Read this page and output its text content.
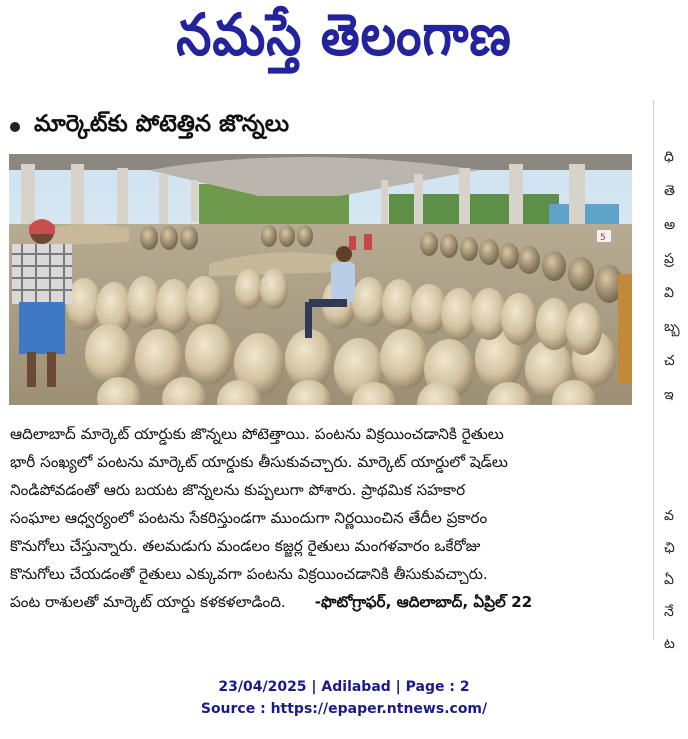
నమస్తే తెలంగాణ
మార్కెట్‌కు పోటెత్తిన జొన్నలు
5
ఆదిలాబాద్ మార్కెట్ యార్డుకు జొన్నలు పోటెత్తాయి. పంటను విక్రయించడానికి రైతులు
భారీ సంఖ్యలో పంటను మార్కెట్ యార్డుకు తీసుకువచ్చారు. మార్కెట్ యార్డులో షెడ్‌లు
నిండిపోవడంతో ఆరు బయట జొన్నలను కుప్పలుగా పోశారు. ప్రాథమిక సహకార
సంఘాల ఆధ్వర్యంలో పంటను సేకరిస్తుండగా ముందుగా నిర్ణయించిన తేదీల ప్రకారం
కొనుగోలు చేస్తున్నారు. తలమడుగు మండలం కజ్జర్ల రైతులు మంగళవారం ఒకేరోజు
కొనుగోలు చేయడంతో రైతులు ఎక్కువగా పంటను విక్రయించడానికి తీసుకువచ్చారు.
పంట రాశులతో మార్కెట్ యార్డు కళకళలాడింది. -ఫొటోగ్రాఫర్, ఆదిలాబాద్, ఏప్రిల్ 22
ధి
తె
అ
ప్ర
వి
బ్బ
చ
ఇ
వ
ఛి
ఏ
నే
ట
23/04/2025 | Adilabad | Page : 2
Source : https://epaper.ntnews.com/
